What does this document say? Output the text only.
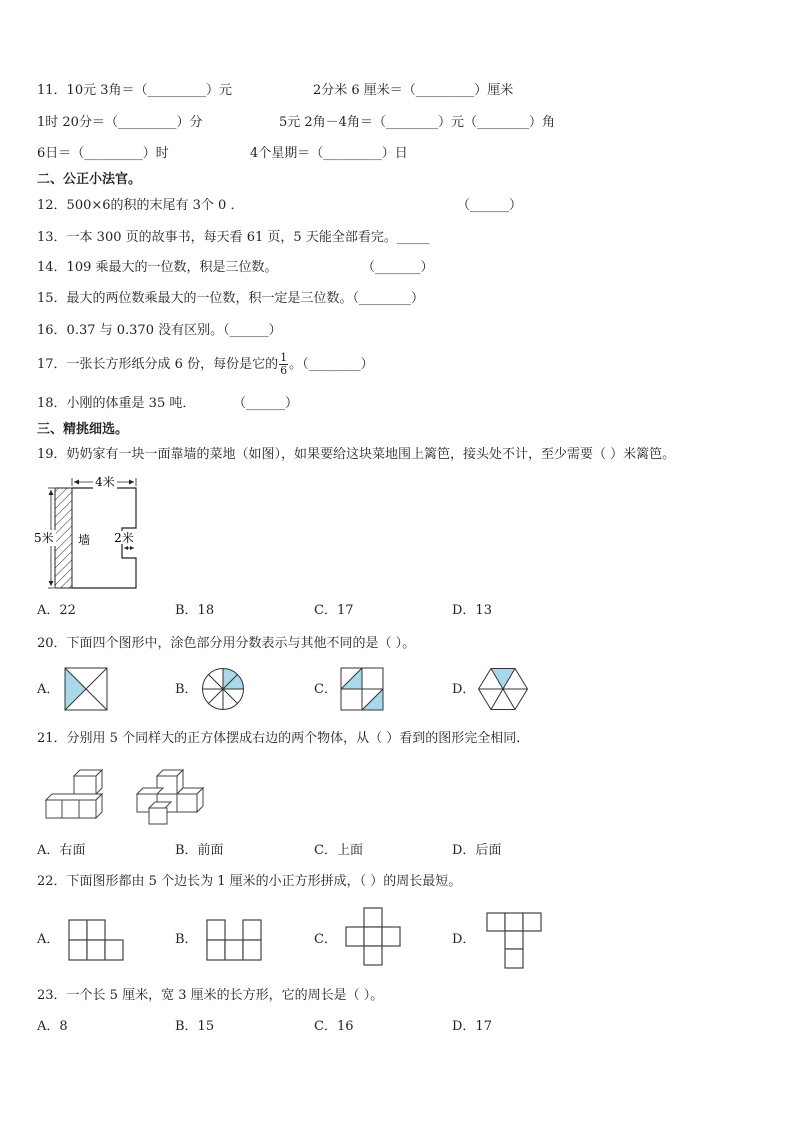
11．10元 3角＝（_________）元	2分米 6 厘米＝（_________）厘米
1时 20分＝（_________）分	5元 2角－4角＝（________）元（________）角
6日＝（_________）时	4个星期＝（_________）日
二、公正小法官。
12．500×6的积的末尾有 3个 0 ．	（______）
13．一本 300 页的故事书，每天看 61 页，5 天能全部看完。_____
14．109 乘最大的一位数，积是三位数。	（_______）
15．最大的两位数乘最大的一位数，积一定是三位数。（________）
16．0.37 与 0.370 没有区别。（______）
17．一张长方形纸分成 6 份，每份是它的 $\frac{1}{6}$ 。（________）
18．小刚的体重是 35 吨．	（______）
三、精挑细选。
19．奶奶家有一块一面靠墙的菜地（如图），如果要给这块菜地围上篱笆，接头处不计，至少需要（ ）米篱笆。
4米
5米 墙 2米
A．22	B．18	C．17	D．13
20．下面四个图形中，涂色部分用分数表示与其他不同的是（ ）。
A．	B．	C．	D．
21．分别用 5 个同样大的正方体摆成右边的两个物体，从（ ）看到的图形完全相同．
A．右面	B．前面	C．上面	D．后面
22．下面图形都由 5 个边长为 1 厘米的小正方形拼成，（ ）的周长最短。
A．	B．	C．	D．
23．一个长 5 厘米，宽 3 厘米的长方形，它的周长是（ ）。
A．8	B．15	C．16	D．17
